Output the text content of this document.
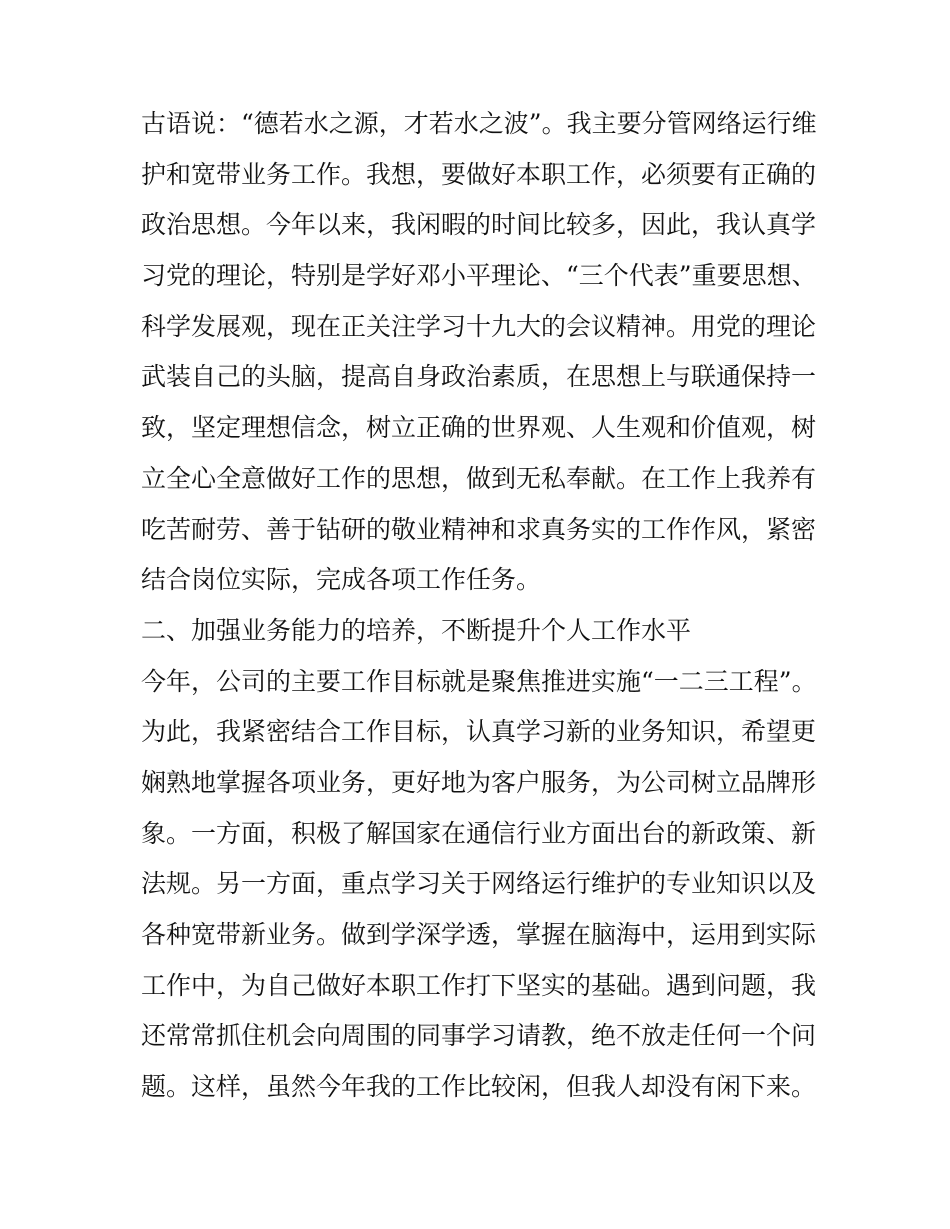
古语说：“德若水之源，才若水之波”。我主要分管网络运行维
护和宽带业务工作。我想，要做好本职工作，必须要有正确的
政治思想。今年以来，我闲暇的时间比较多，因此，我认真学
习党的理论，特别是学好邓小平理论、“三个代表”重要思想、
科学发展观，现在正关注学习十九大的会议精神。用党的理论
武装自己的头脑，提高自身政治素质，在思想上与联通保持一
致，坚定理想信念，树立正确的世界观、人生观和价值观，树
立全心全意做好工作的思想，做到无私奉献。在工作上我养有
吃苦耐劳、善于钻研的敬业精神和求真务实的工作作风，紧密
结合岗位实际，完成各项工作任务。
二、加强业务能力的培养，不断提升个人工作水平
今年，公司的主要工作目标就是聚焦推进实施“一二三工程”。
为此，我紧密结合工作目标，认真学习新的业务知识，希望更
娴熟地掌握各项业务，更好地为客户服务，为公司树立品牌形
象。一方面，积极了解国家在通信行业方面出台的新政策、新
法规。另一方面，重点学习关于网络运行维护的专业知识以及
各种宽带新业务。做到学深学透，掌握在脑海中，运用到实际
工作中，为自己做好本职工作打下坚实的基础。遇到问题，我
还常常抓住机会向周围的同事学习请教，绝不放走任何一个问
题。这样，虽然今年我的工作比较闲，但我人却没有闲下来。
